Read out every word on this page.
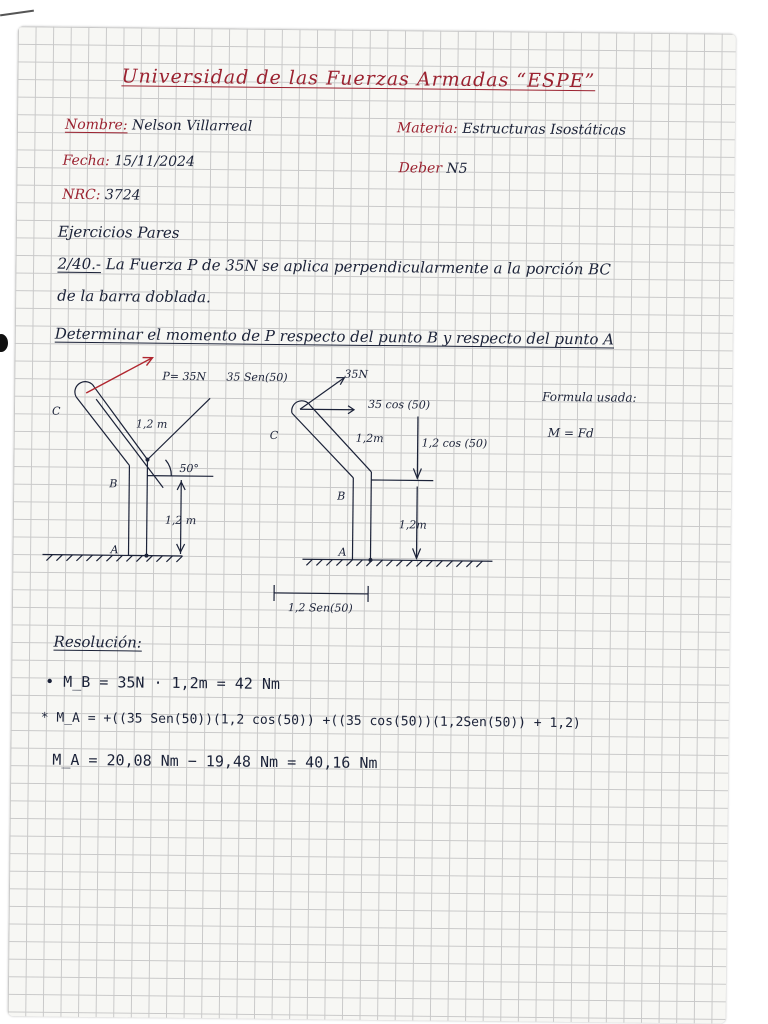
Universidad de las Fuerzas Armadas “ESPE”
Nombre: Nelson Villarreal	Materia: Estructuras Isostáticas
Fecha: 15/11/2024	Deber N5
NRC: 3724
Ejercicios Pares
2/40.- La Fuerza P de 35N se aplica perpendicularmente a la porción BC
de la barra doblada.
Determinar el momento de P respecto del punto B y respecto del punto A
C
B
A
P= 35N 35 Sen(50)
1,2 m
50°
1,2 m
C
B
A
35N
35 cos (50)
1,2m	1,2 cos (50)
1,2m
1,2 Sen(50)
Formula usada:
M = Fd
Resolución:
• M_B = 35N · 1,2m = 42 Nm
* M_A = +((35 Sen(50))(1,2 cos(50)) +((35 cos(50))(1,2Sen(50)) + 1,2)
M_A = 20,08 Nm − 19,48 Nm = 40,16 Nm
